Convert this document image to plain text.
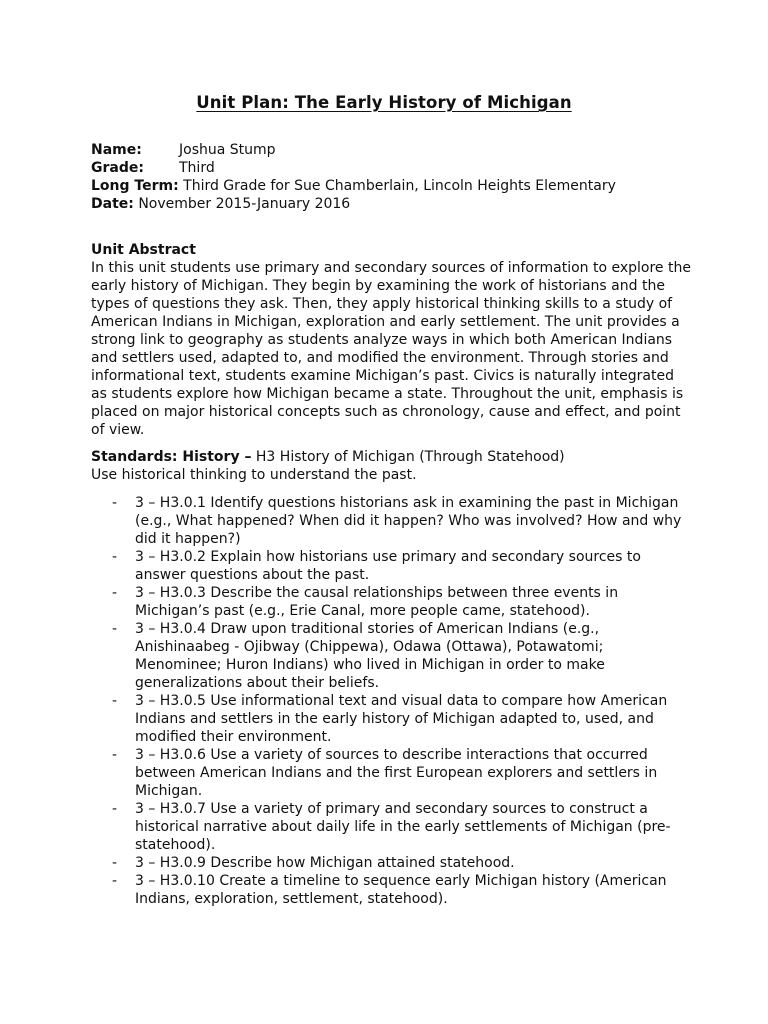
Unit Plan: The Early History of Michigan
Name:	Joshua Stump
Grade:	Third
Long Term: Third Grade for Sue Chamberlain, Lincoln Heights Elementary
Date: November 2015-January 2016
Unit Abstract
In this unit students use primary and secondary sources of information to explore the early history of Michigan. They begin by examining the work of historians and the types of questions they ask. Then, they apply historical thinking skills to a study of American Indians in Michigan, exploration and early settlement. The unit provides a strong link to geography as students analyze ways in which both American Indians and settlers used, adapted to, and modified the environment. Through stories and informational text, students examine Michigan’s past. Civics is naturally integrated as students explore how Michigan became a state. Throughout the unit, emphasis is placed on major historical concepts such as chronology, cause and effect, and point of view.
Standards: History – H3 History of Michigan (Through Statehood)
Use historical thinking to understand the past.
- 3 – H3.0.1 Identify questions historians ask in examining the past in Michigan (e.g., What happened? When did it happen? Who was involved? How and why did it happen?)
- 3 – H3.0.2 Explain how historians use primary and secondary sources to answer questions about the past.
- 3 – H3.0.3 Describe the causal relationships between three events in Michigan’s past (e.g., Erie Canal, more people came, statehood).
- 3 – H3.0.4 Draw upon traditional stories of American Indians (e.g., Anishinaabeg - Ojibway (Chippewa), Odawa (Ottawa), Potawatomi; Menominee; Huron Indians) who lived in Michigan in order to make generalizations about their beliefs.
- 3 – H3.0.5 Use informational text and visual data to compare how American Indians and settlers in the early history of Michigan adapted to, used, and modified their environment.
- 3 – H3.0.6 Use a variety of sources to describe interactions that occurred between American Indians and the first European explorers and settlers in Michigan.
- 3 – H3.0.7 Use a variety of primary and secondary sources to construct a historical narrative about daily life in the early settlements of Michigan (pre-statehood).
- 3 – H3.0.9 Describe how Michigan attained statehood.
- 3 – H3.0.10 Create a timeline to sequence early Michigan history (American Indians, exploration, settlement, statehood).
